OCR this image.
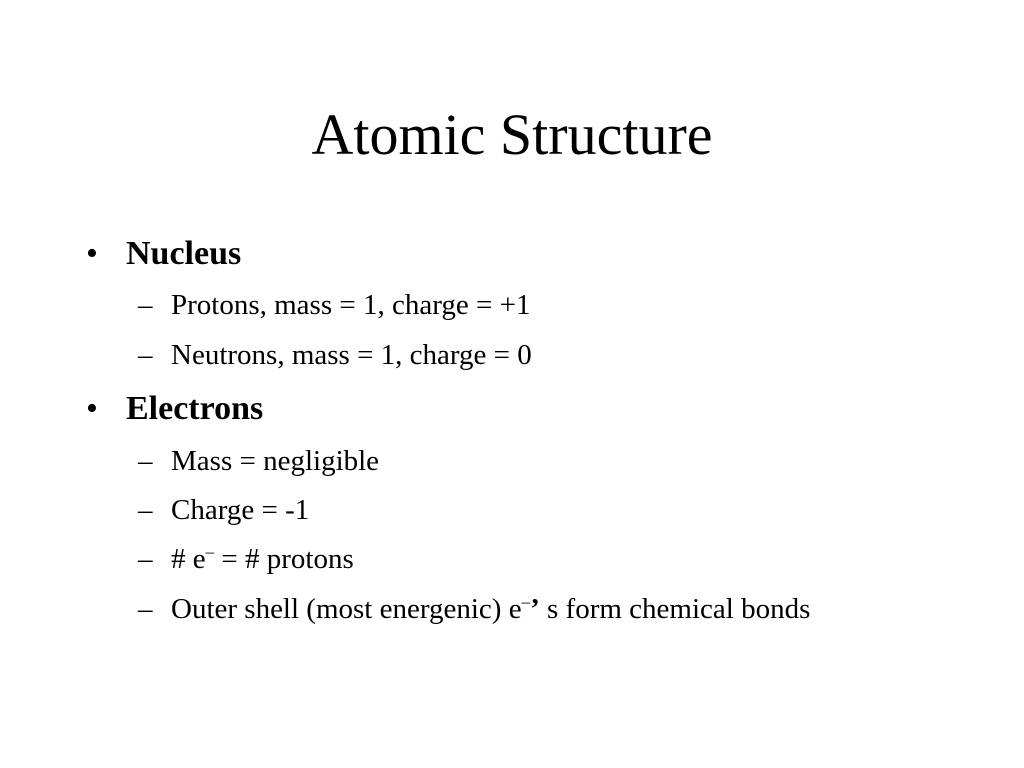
Atomic Structure
• Nucleus
– Protons, mass = 1, charge = +1
– Neutrons, mass = 1, charge = 0
• Electrons
– Mass = negligible
– Charge = -1
– # e– = # protons
– Outer shell (most energenic) e–’ s form chemical bonds
